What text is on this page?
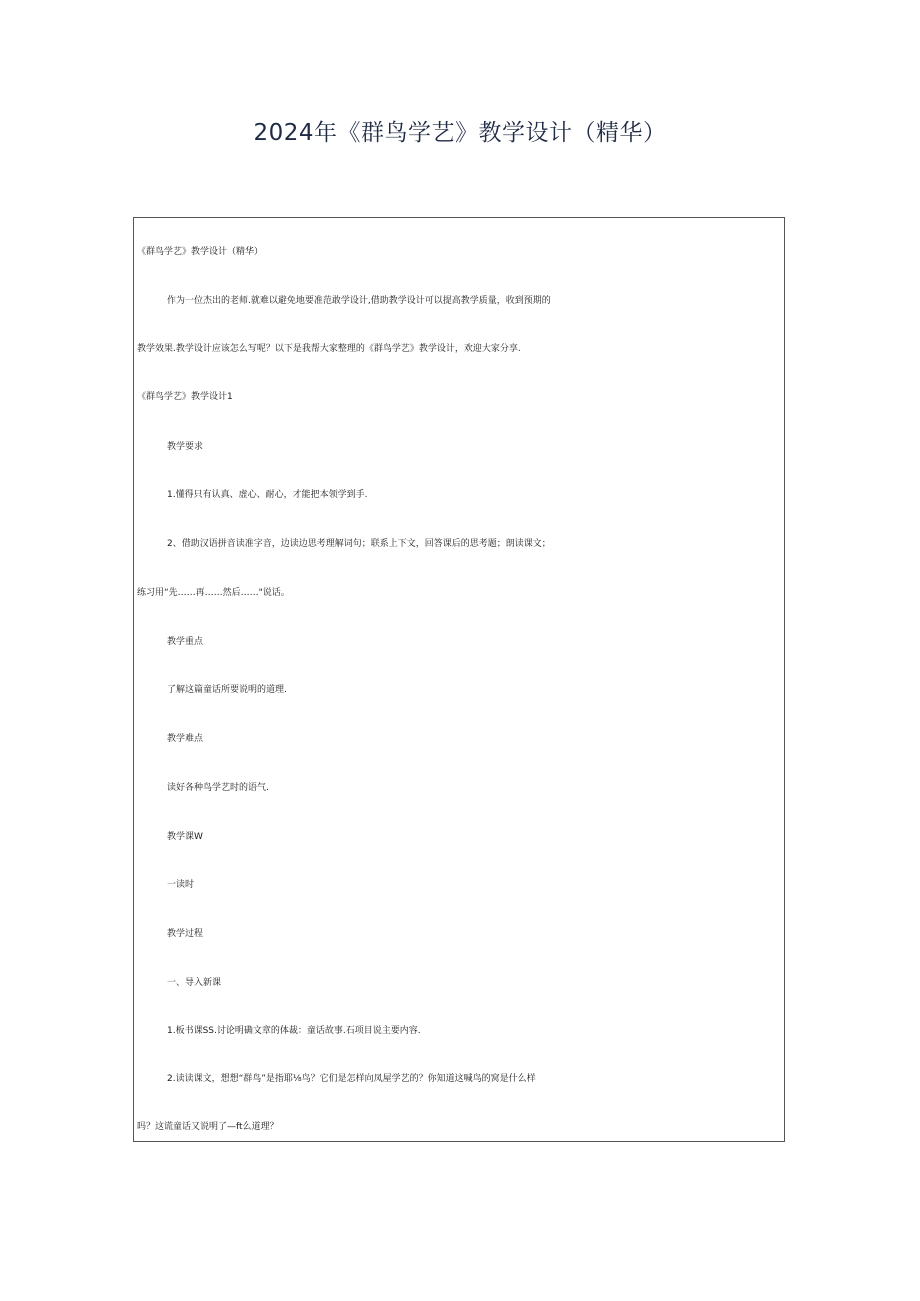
2024年《群鸟学艺》教学设计（精华）
《群鸟学艺》教学设计（精华）
作为一位杰出的老师.就难以避免地要准范敢学设计,借助教学设计可以提高教学质量，收到预期的
教学效果.教学设计应该怎么写呢？以下是我帮大家整理的《群鸟学艺》教学设计，欢迎大家分享.
《群鸟学艺》教学设计1
教学要求
1.懂得只有认真、虚心、耐心，才能把本领学到手.
2、借助汉语拼音读准字音，边读边思考理解词句；联系上下文，回答课后的思考题；朗读课文；
练习用“先……再……然后……"说话。
教学重点
了解这篇童话所要说明的道理.
教学难点
读好各种鸟学艺时的语气.
教学课W
一读时
教学过程
一、导入新课
1.板书课SS.讨论明确文章的体裁：童话故事.石项目说主要内容.
2.读读课文，想想“群鸟”是指耶⅛鸟？它们是怎样向凤屋学艺的？你知道这喊鸟的窝是什么样
吗？这谎童话又说明了—ft么道理？
